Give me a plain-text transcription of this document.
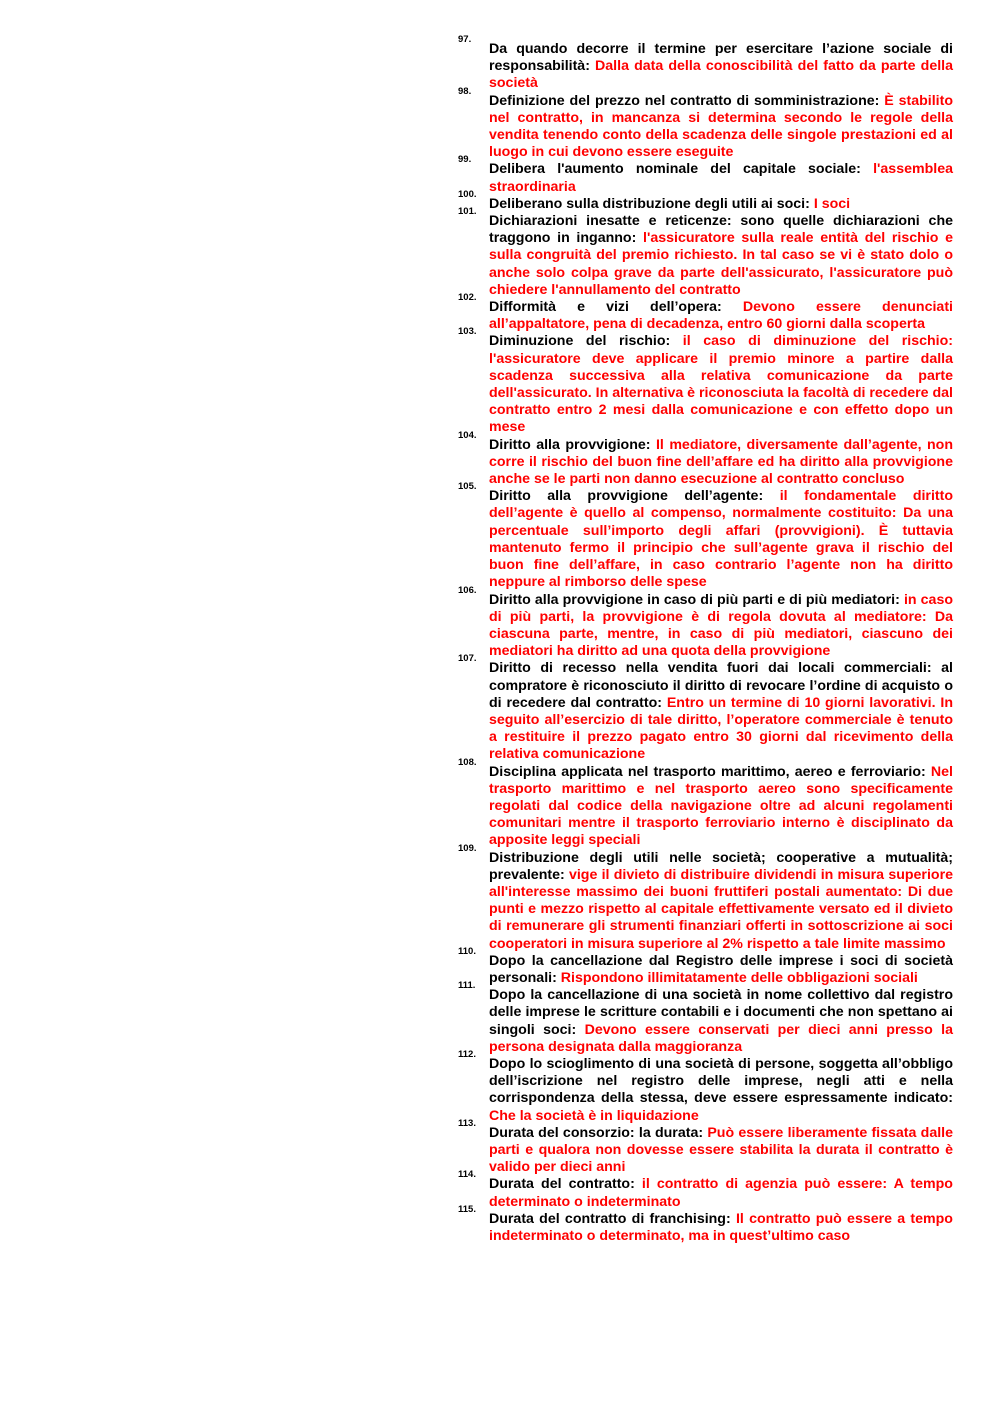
97.
Da quando decorre il termine per esercitare l’azione sociale di responsabilità: Dalla data della conoscibilità del fatto da parte della società
98.
Definizione del prezzo nel contratto di somministrazione: È stabilito nel contratto, in mancanza si determina secondo le regole della vendita tenendo conto della scadenza delle singole prestazioni ed al luogo in cui devono essere eseguite
99.
Delibera l'aumento nominale del capitale sociale: l'assemblea straordinaria
100.
Deliberano sulla distribuzione degli utili ai soci: I soci
101.
Dichiarazioni inesatte e reticenze: sono quelle dichiarazioni che traggono in inganno: l'assicuratore sulla reale entità del rischio e sulla congruità del premio richiesto. In tal caso se vi è stato dolo o anche solo colpa grave da parte dell'assicurato, l'assicuratore può chiedere l'annullamento del contratto
102.
Difformità e vizi dell’opera: Devono essere denunciati all’appaltatore, pena di decadenza, entro 60 giorni dalla scoperta
103.
Diminuzione del rischio: il caso di diminuzione del rischio: l'assicuratore deve applicare il premio minore a partire dalla scadenza successiva alla relativa comunicazione da parte dell'assicurato. In alternativa è riconosciuta la facoltà di recedere dal contratto entro 2 mesi dalla comunicazione e con effetto dopo un mese
104.
Diritto alla provvigione: Il mediatore, diversamente dall’agente, non corre il rischio del buon fine dell’affare ed ha diritto alla provvigione anche se le parti non danno esecuzione al contratto concluso
105.
Diritto alla provvigione dell’agente: il fondamentale diritto dell’agente è quello al compenso, normalmente costituito: Da una percentuale sull’importo degli affari (provvigioni). È tuttavia mantenuto fermo il principio che sull’agente grava il rischio del buon fine dell’affare, in caso contrario l’agente non ha diritto neppure al rimborso delle spese
106.
Diritto alla provvigione in caso di più parti e di più mediatori: in caso di più parti, la provvigione è di regola dovuta al mediatore: Da ciascuna parte, mentre, in caso di più mediatori, ciascuno dei mediatori ha diritto ad una quota della provvigione
107.
Diritto di recesso nella vendita fuori dai locali commerciali: al compratore è riconosciuto il diritto di revocare l’ordine di acquisto o di recedere dal contratto: Entro un termine di 10 giorni lavorativi. In seguito all’esercizio di tale diritto, l’operatore commerciale è tenuto a restituire il prezzo pagato entro 30 giorni dal ricevimento della relativa comunicazione
108.
Disciplina applicata nel trasporto marittimo, aereo e ferroviario: Nel trasporto marittimo e nel trasporto aereo sono specificamente regolati dal codice della navigazione oltre ad alcuni regolamenti comunitari mentre il trasporto ferroviario interno è disciplinato da apposite leggi speciali
109.
Distribuzione degli utili nelle società; cooperative a mutualità; prevalente: vige il divieto di distribuire dividendi in misura superiore all'interesse massimo dei buoni fruttiferi postali aumentato: Di due punti e mezzo rispetto al capitale effettivamente versato ed il divieto di remunerare gli strumenti finanziari offerti in sottoscrizione ai soci cooperatori in misura superiore al 2% rispetto a tale limite massimo
110.
Dopo la cancellazione dal Registro delle imprese i soci di società personali: Rispondono illimitatamente delle obbligazioni sociali
111.
Dopo la cancellazione di una società in nome collettivo dal registro delle imprese le scritture contabili e i documenti che non spettano ai singoli soci: Devono essere conservati per dieci anni presso la persona designata dalla maggioranza
112.
Dopo lo scioglimento di una società di persone, soggetta all’obbligo dell’iscrizione nel registro delle imprese, negli atti e nella corrispondenza della stessa, deve essere espressamente indicato: Che la società è in liquidazione
113.
Durata del consorzio: la durata: Può essere liberamente fissata dalle parti e qualora non dovesse essere stabilita la durata il contratto è valido per dieci anni
114.
Durata del contratto: il contratto di agenzia può essere: A tempo determinato o indeterminato
115.
Durata del contratto di franchising: Il contratto può essere a tempo indeterminato o determinato, ma in quest’ultimo caso
